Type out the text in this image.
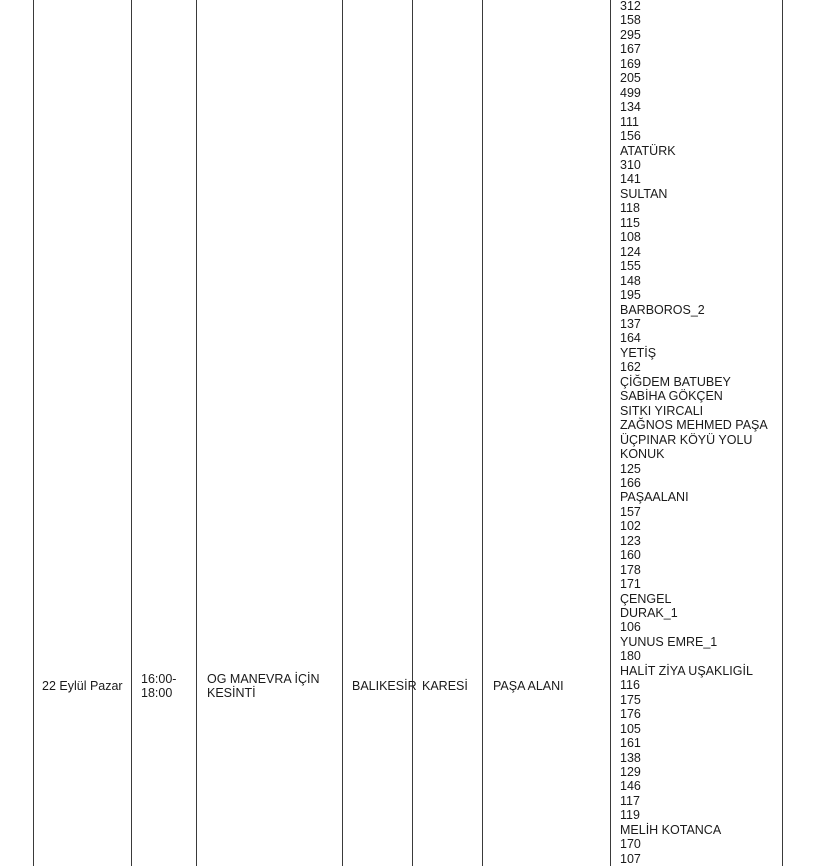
22 Eylül Pazar 16:00-
18:00
OG MANEVRA İÇİN
KESİNTİ
BALIKESİR KARESİ PAŞA ALANI
312
158
295
167
169
205
499
134
111
156
ATATÜRK
310
141
SULTAN
118
115
108
124
155
148
195
BARBOROS_2
137
164
YETİŞ
162
ÇİĞDEM BATUBEY
SABİHA GÖKÇEN
SITKI YIRCALI
ZAĞNOS MEHMED PAŞA
ÜÇPINAR KÖYÜ YOLU
KONUK
125
166
PAŞAALANI
157
102
123
160
178
171
ÇENGEL
DURAK_1
106
YUNUS EMRE_1
180
HALİT ZİYA UŞAKLIGİL
116
175
176
105
161
138
129
146
117
119
MELİH KOTANCA
170
107
